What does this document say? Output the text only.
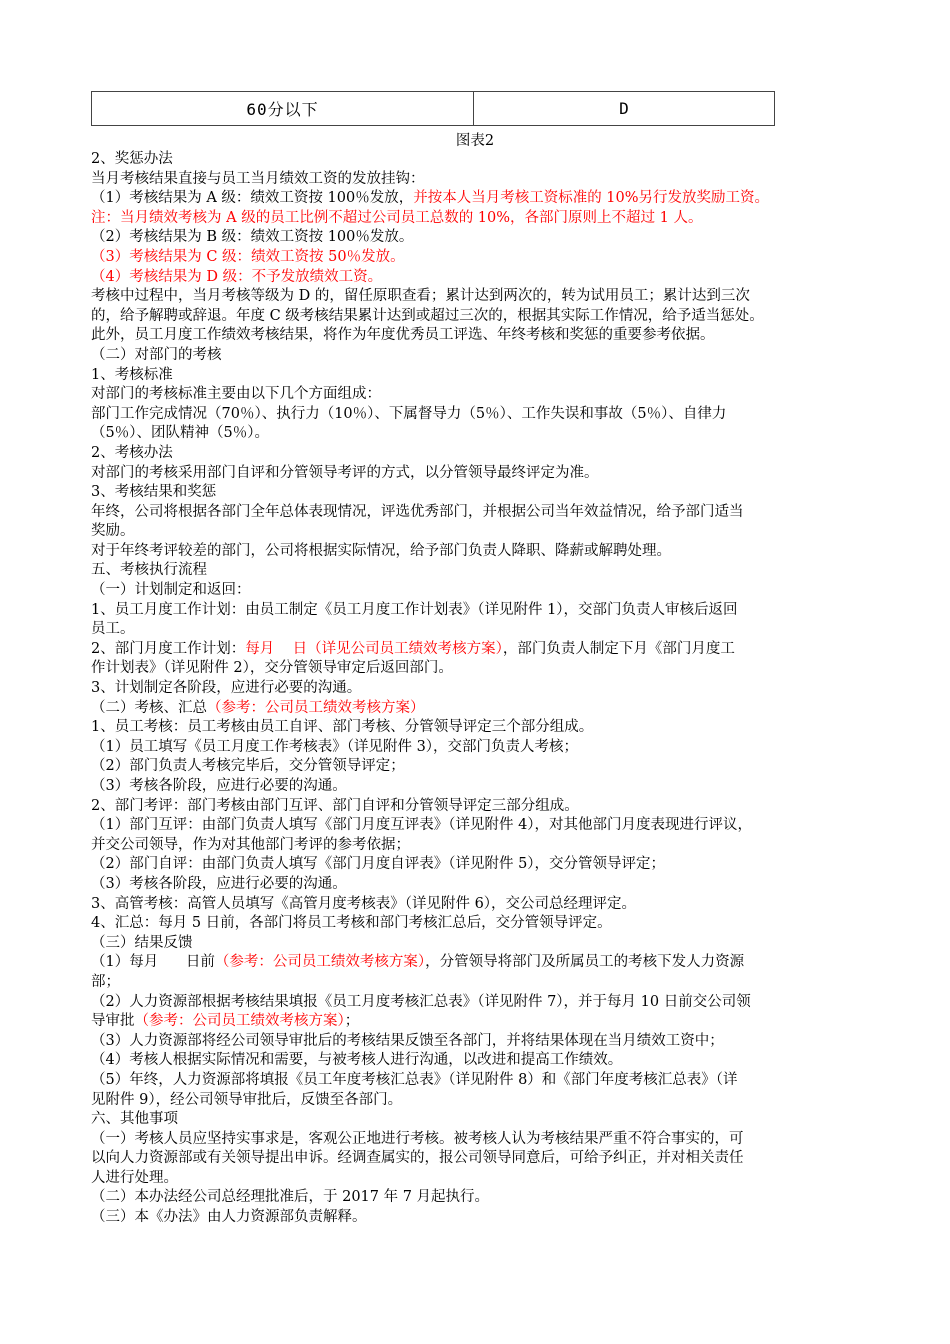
60分以下	D
图表2
2、奖惩办法
当月考核结果直接与员工当月绩效工资的发放挂钩：
（1）考核结果为 A 级：绩效工资按 100％发放，并按本人当月考核工资标准的 10%另行发放奖励工资。
注：当月绩效考核为 A 级的员工比例不超过公司员工总数的 10%，各部门原则上不超过 1 人。
（2）考核结果为 B 级：绩效工资按 100％发放。
（3）考核结果为 C 级：绩效工资按 50％发放。
（4）考核结果为 D 级：不予发放绩效工资。
考核中过程中，当月考核等级为 D 的，留任原职查看；累计达到两次的，转为试用员工；累计达到三次
的，给予解聘或辞退。年度 C 级考核结果累计达到或超过三次的，根据其实际工作情况，给予适当惩处。
此外，员工月度工作绩效考核结果，将作为年度优秀员工评选、年终考核和奖惩的重要参考依据。
（二）对部门的考核
1、考核标准
对部门的考核标准主要由以下几个方面组成：
部门工作完成情况（70％）、执行力（10％）、下属督导力（5％）、工作失误和事故（5％）、自律力
（5％）、团队精神（5％）。
2、考核办法
对部门的考核采用部门自评和分管领导考评的方式，以分管领导最终评定为准。
3、考核结果和奖惩
年终，公司将根据各部门全年总体表现情况，评选优秀部门，并根据公司当年效益情况，给予部门适当
奖励。
对于年终考评较差的部门，公司将根据实际情况，给予部门负责人降职、降薪或解聘处理。
五、考核执行流程
（一）计划制定和返回：
1、员工月度工作计划：由员工制定《员工月度工作计划表》（详见附件 1），交部门负责人审核后返回
员工。
2、部门月度工作计划：每月    日（详见公司员工绩效考核方案），部门负责人制定下月《部门月度工
作计划表》（详见附件 2），交分管领导审定后返回部门。
3、计划制定各阶段，应进行必要的沟通。
（二）考核、汇总（参考：公司员工绩效考核方案）
1、员工考核：员工考核由员工自评、部门考核、分管领导评定三个部分组成。
（1）员工填写《员工月度工作考核表》（详见附件 3），交部门负责人考核；
（2）部门负责人考核完毕后，交分管领导评定；
（3）考核各阶段，应进行必要的沟通。
2、部门考评：部门考核由部门互评、部门自评和分管领导评定三部分组成。
（1）部门互评：由部门负责人填写《部门月度互评表》（详见附件 4），对其他部门月度表现进行评议，
并交公司领导，作为对其他部门考评的参考依据；
（2）部门自评：由部门负责人填写《部门月度自评表》（详见附件 5），交分管领导评定；
（3）考核各阶段，应进行必要的沟通。
3、高管考核：高管人员填写《高管月度考核表》（详见附件 6），交公司总经理评定。
4、汇总：每月 5 日前，各部门将员工考核和部门考核汇总后，交分管领导评定。
（三）结果反馈
（1）每月      日前（参考：公司员工绩效考核方案），分管领导将部门及所属员工的考核下发人力资源
部；
（2）人力资源部根据考核结果填报《员工月度考核汇总表》（详见附件 7），并于每月 10 日前交公司领
导审批（参考：公司员工绩效考核方案）；
（3）人力资源部将经公司领导审批后的考核结果反馈至各部门，并将结果体现在当月绩效工资中；
（4）考核人根据实际情况和需要，与被考核人进行沟通，以改进和提高工作绩效。
（5）年终，人力资源部将填报《员工年度考核汇总表》（详见附件 8）和《部门年度考核汇总表》（详
见附件 9），经公司领导审批后，反馈至各部门。
六、其他事项
（一）考核人员应坚持实事求是，客观公正地进行考核。被考核人认为考核结果严重不符合事实的，可
以向人力资源部或有关领导提出申诉。经调查属实的，报公司领导同意后，可给予纠正，并对相关责任
人进行处理。
（二）本办法经公司总经理批准后，于 2017 年 7 月起执行。
（三）本《办法》由人力资源部负责解释。
